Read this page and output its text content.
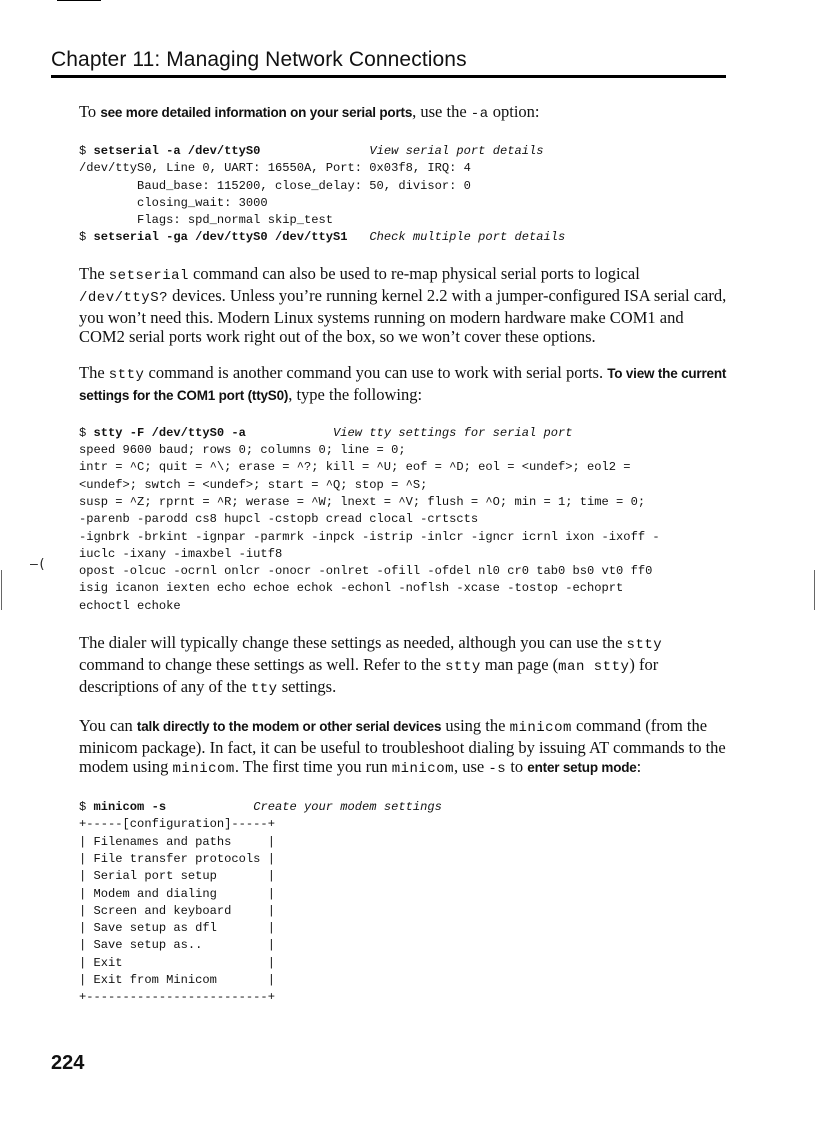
—(
Chapter 11: Managing Network Connections

To see more detailed information on your serial ports, use the -a option:

$ setserial -a /dev/ttyS0	View serial port details
/dev/ttyS0, Line 0, UART: 16550A, Port: 0x03f8, IRQ: 4
Baud_base: 115200, close_delay: 50, divisor: 0
closing_wait: 3000
Flags: spd_normal skip_test
$ setserial -ga /dev/ttyS0 /dev/ttyS1 Check multiple port details

The setserial command can also be used to re-map physical serial ports to logical /dev/ttyS? devices. Unless you’re running kernel 2.2 with a jumper-configured ISA serial card, you won’t need this. Modern Linux systems running on modern hardware make COM1 and COM2 serial ports work right out of the box, so we won’t cover these options.

The stty command is another command you can use to work with serial ports. To view the current settings for the COM1 port (ttyS0), type the following:

$ stty -F /dev/ttyS0 -a	View tty settings for serial port
speed 9600 baud; rows 0; columns 0; line = 0;
intr = ^C; quit = ^\; erase = ^?; kill = ^U; eof = ^D; eol = <undef>; eol2 =
<undef>; swtch = <undef>; start = ^Q; stop = ^S;
susp = ^Z; rprnt = ^R; werase = ^W; lnext = ^V; flush = ^O; min = 1; time = 0;
-parenb -parodd cs8 hupcl -cstopb cread clocal -crtscts
-ignbrk -brkint -ignpar -parmrk -inpck -istrip -inlcr -igncr icrnl ixon -ixoff -
iuclc -ixany -imaxbel -iutf8
opost -olcuc -ocrnl onlcr -onocr -onlret -ofill -ofdel nl0 cr0 tab0 bs0 vt0 ff0
isig icanon iexten echo echoe echok -echonl -noflsh -xcase -tostop -echoprt
echoctl echoke

The dialer will typically change these settings as needed, although you can use the stty command to change these settings as well. Refer to the stty man page (man stty) for descriptions of any of the tty settings.

You can talk directly to the modem or other serial devices using the minicom command (from the minicom package). In fact, it can be useful to troubleshoot dialing by issuing AT commands to the modem using minicom. The first time you run minicom, use -s to enter setup mode:

$ minicom -s	Create your modem settings
+-----[configuration]-----+
| Filenames and paths     |
| File transfer protocols |
| Serial port setup       |
| Modem and dialing       |
| Screen and keyboard     |
| Save setup as dfl       |
| Save setup as..         |
| Exit                    |
| Exit from Minicom       |
+-------------------------+

224
